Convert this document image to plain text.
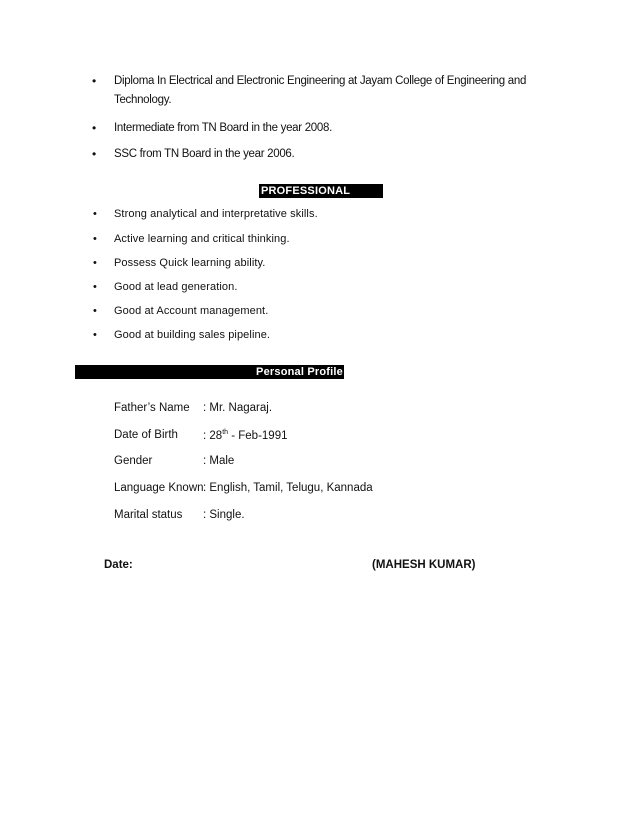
• Diploma In Electrical and Electronic Engineering at Jayam College of Engineering and
Technology.
• Intermediate from TN Board in the year 2008.
• SSC from TN Board in the year 2006.
PROFESSIONAL SKILLS
• Strong analytical and interpretative skills.
• Active learning and critical thinking.
• Possess Quick learning ability.
• Good at lead generation.
• Good at Account management.
• Good at building sales pipeline.
Personal Profile
Father’s Name : Mr. Nagaraj.
Date of Birth : 28th - Feb-1991
Gender	: Male
Language Known : English, Tamil, Telugu, Kannada
Marital status : Single.
Date:	(MAHESH KUMAR)
